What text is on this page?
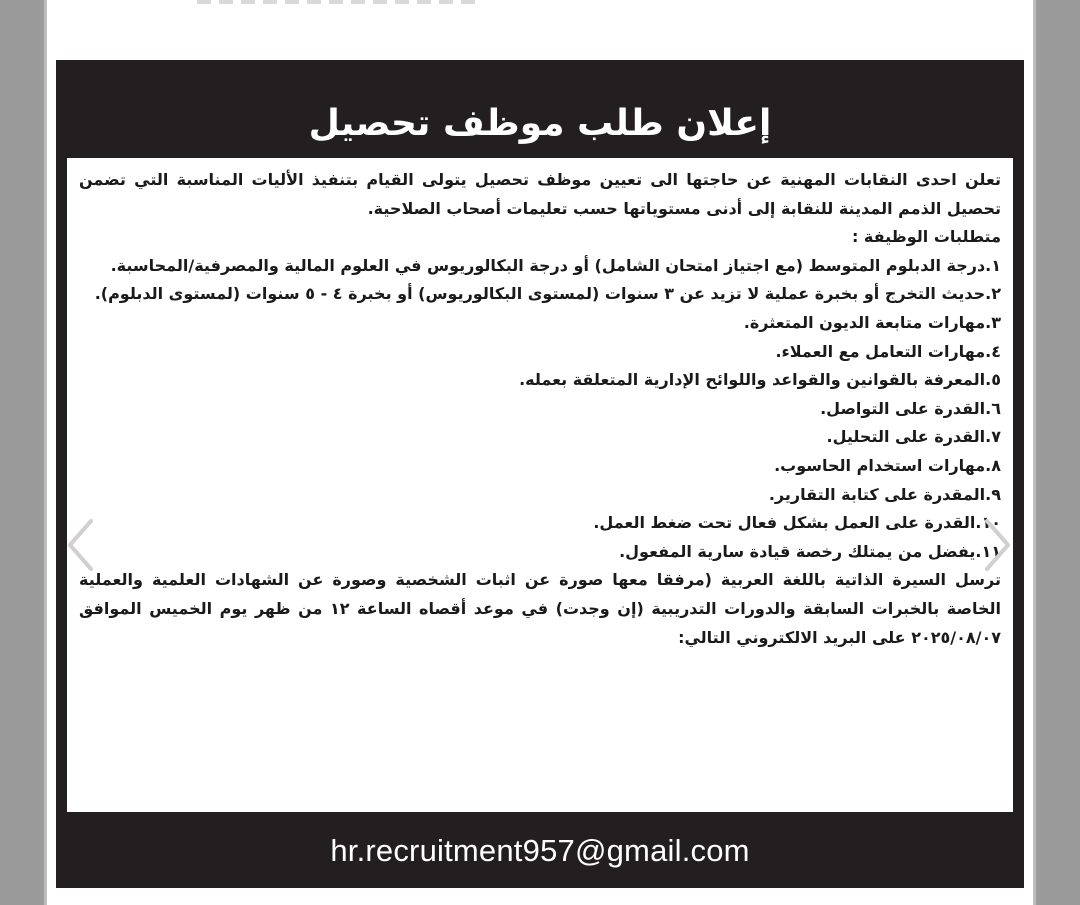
إعلان طلب موظف تحصيل

تعلن احدى النقابات المهنية عن حاجتها الى تعيين موظف تحصيل يتولى القيام بتنفيذ الأليات المناسبة التي تضمن تحصيل الذمم المدينة للنقابة إلى أدنى مستوياتها حسب تعليمات أصحاب الصلاحية.

متطلبات الوظيفة :

١.درجة الدبلوم المتوسط (مع اجتياز امتحان الشامل) أو درجة البكالوريوس في العلوم المالية والمصرفية/المحاسبة.

٢.حديث التخرج أو بخبرة عملية لا تزيد عن ٣ سنوات (لمستوى البكالوريوس) أو بخبرة ٤ - ٥ سنوات (لمستوى الدبلوم).

٣.مهارات متابعة الديون المتعثرة.

٤.مهارات التعامل مع العملاء.

٥.المعرفة بالقوانين والقواعد واللوائح الإدارية المتعلقة بعمله.

٦.القدرة على التواصل.

٧.القدرة على التحليل.

٨.مهارات استخدام الحاسوب.

٩.المقدرة على كتابة التقارير.

١٠.القدرة على العمل بشكل فعال تحت ضغط العمل.

١١.يفضل من يمتلك رخصة قيادة سارية المفعول.

ترسل السيرة الذاتية باللغة العربية (مرفقا معها صورة عن اثبات الشخصية وصورة عن الشهادات العلمية والعملية الخاصة بالخبرات السابقة والدورات التدريبية (إن وجدت) في موعد أقصاه الساعة ١٢ من ظهر يوم الخميس الموافق ٢٠٢٥/٠٨/٠٧ على البريد الالكتروني التالي:

hr.recruitment957@gmail.com
